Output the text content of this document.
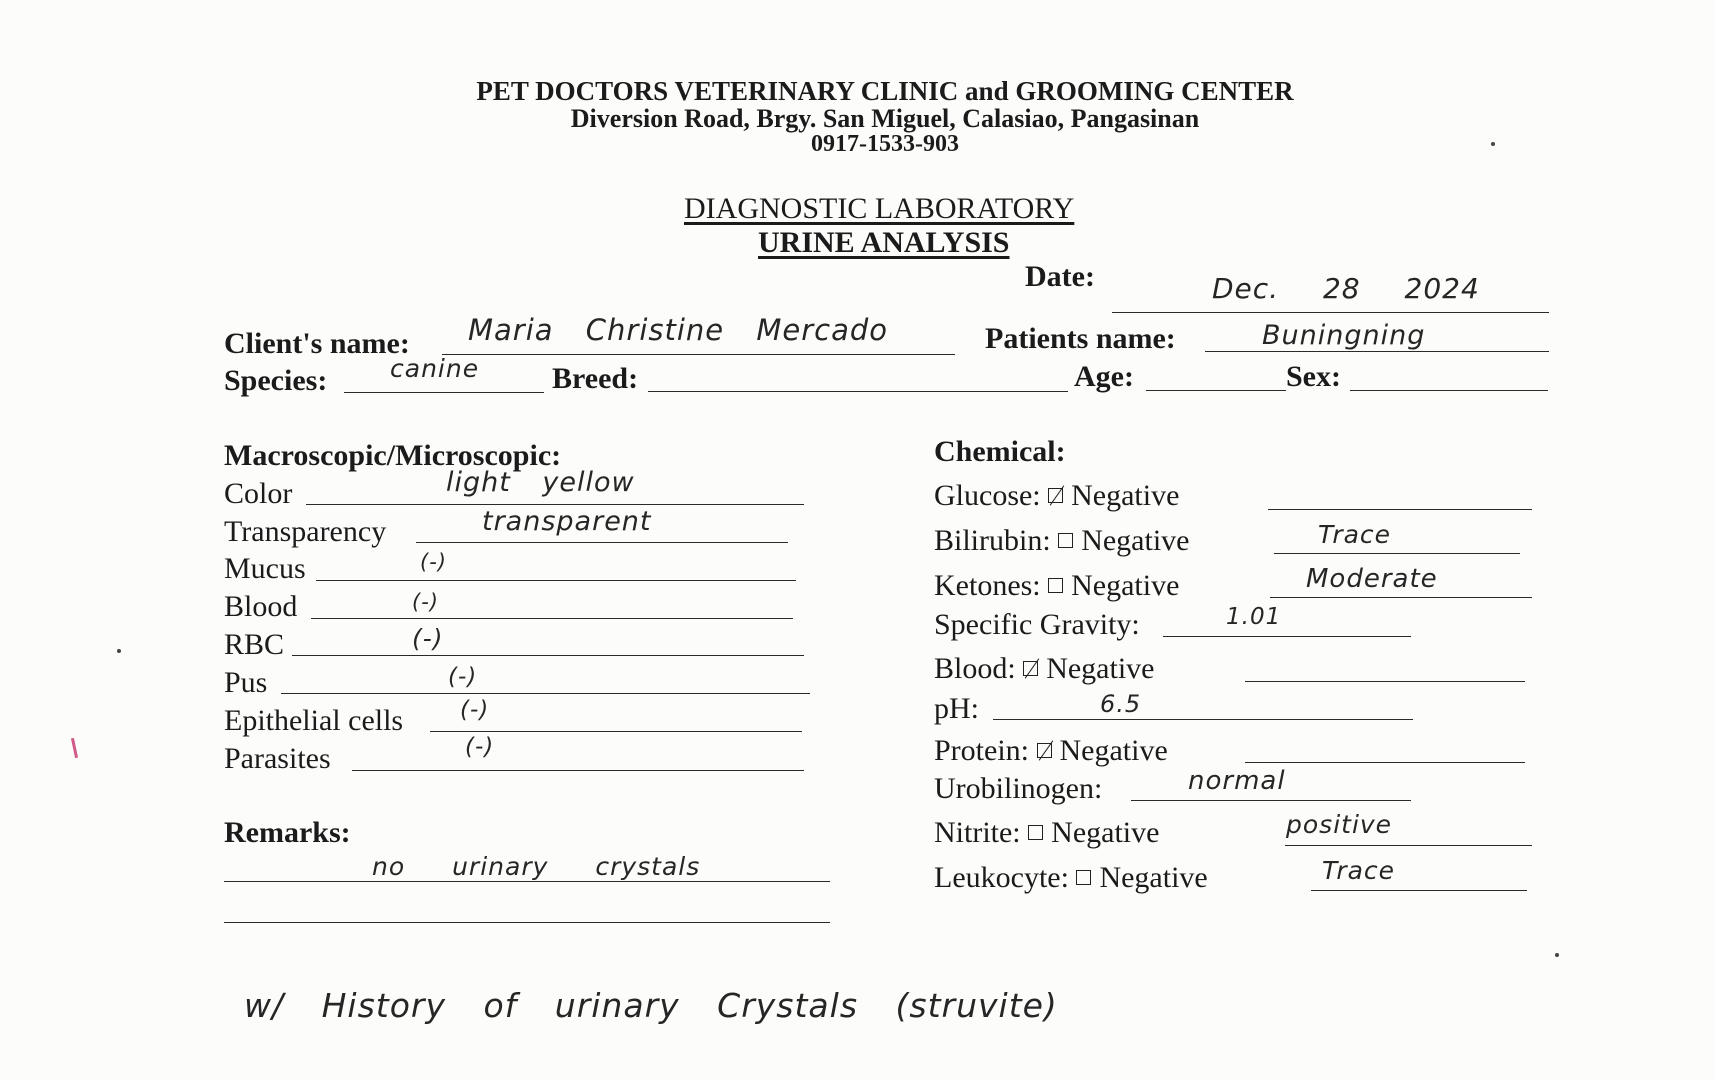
PET DOCTORS VETERINARY CLINIC and GROOMING CENTER
Diversion Road, Brgy. San Miguel, Calasiao, Pangasinan
0917-1533-903
DIAGNOSTIC LABORATORY
URINE ANALYSIS
Date:	Dec. 28 2024
Client's name: Maria Christine Mercado	Patients name:	Buningning
Species:	canine Breed:	Age:	Sex:
Macroscopic/Microscopic:
Color	light yellow
Transparency	transparent
Mucus	(-)
Blood	(-)
RBC	(-)
Pus	(-)
Epithelial cells (-)
Parasites	(-)
Remarks:
no urinary crystals
w/ History of urinary Crystals (struvite)
Chemical:
Glucose: Negative
Bilirubin: Negative	Trace
Ketones: Negative	Moderate
Specific Gravity:	1.01
Blood: Negative
pH:	6.5
Protein: Negative
Urobilinogen:	normal
Nitrite: Negative	positive
Leukocyte: Negative	Trace
